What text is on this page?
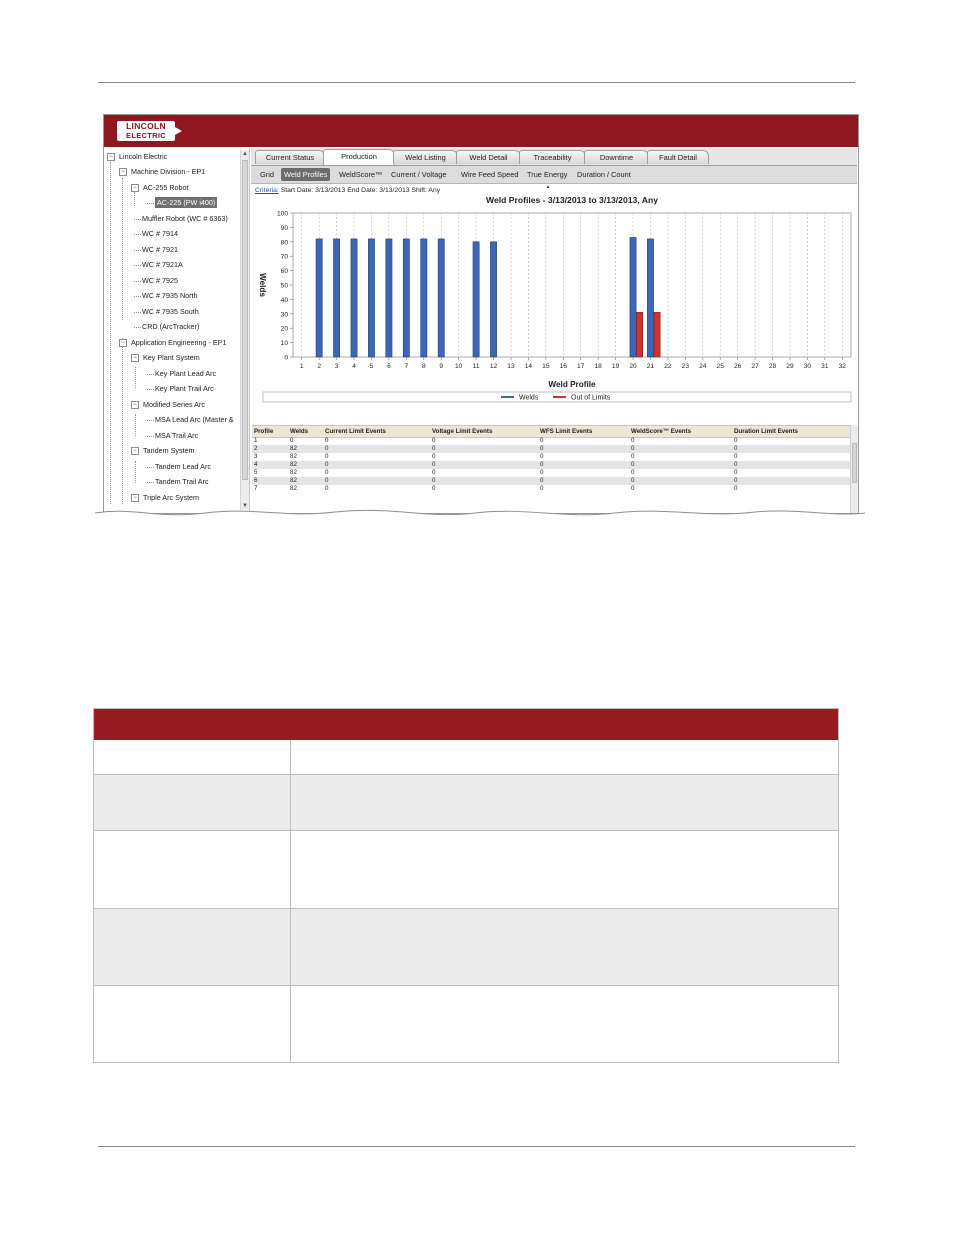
LINCOLN
ELECTRIC
− Lincoln Electric
− Machine Division - EP1
− AC-255 Robot
AC-225 (PW i400)
Muffler Robot (WC # 6363)
WC # 7914
WC # 7921
WC # 7921A
WC # 7925
WC # 7935 North
WC # 7935 South
CRD (ArcTracker)
− Application Engineering - EP1
− Key Plant System
Key Plant Lead Arc
Key Plant Trail Arc
− Modified Series Arc
MSA Lead Arc (Master &
MSA Trail Arc
− Tandem System
Tandem Lead Arc
Tandem Trail Arc
− Triple Arc System
▲
▼
Current Status	Production	Weld Listing	Weld Detail	Traceability	Downtime	Fault Detail
Grid	Weld Profiles	WeldScore™	Current / Voltage	Wire Feed Speed	True Energy	Duration / Count
▲
Criteria: Start Date: 3/13/2013 End Date: 3/13/2013 Shift: Any
Weld Profiles - 3/13/2013 to 3/13/2013, Any
0
10
20
30
40
50
60
70
80
90
100
1 2 3 4 5 6 7 8 9 10 11 12 13 14 15 16 17 18 19 20 21 22 23 24 25 26 27 28 29 30 31 32
Weld Profile
Welds
Welds	Out of Limits
Profile	Welds	Current Limit Events	Voltage Limit Events	WFS Limit Events	WeldScore™ Events	Duration Limit Events
1	0	0	0	0	0	0
2	82	0	0	0	0	0
3	82	0	0	0	0	0
4	82	0	0	0	0	0
5	82	0	0	0	0	0
6	82	0	0	0	0	0
7	82	0	0	0	0	0
